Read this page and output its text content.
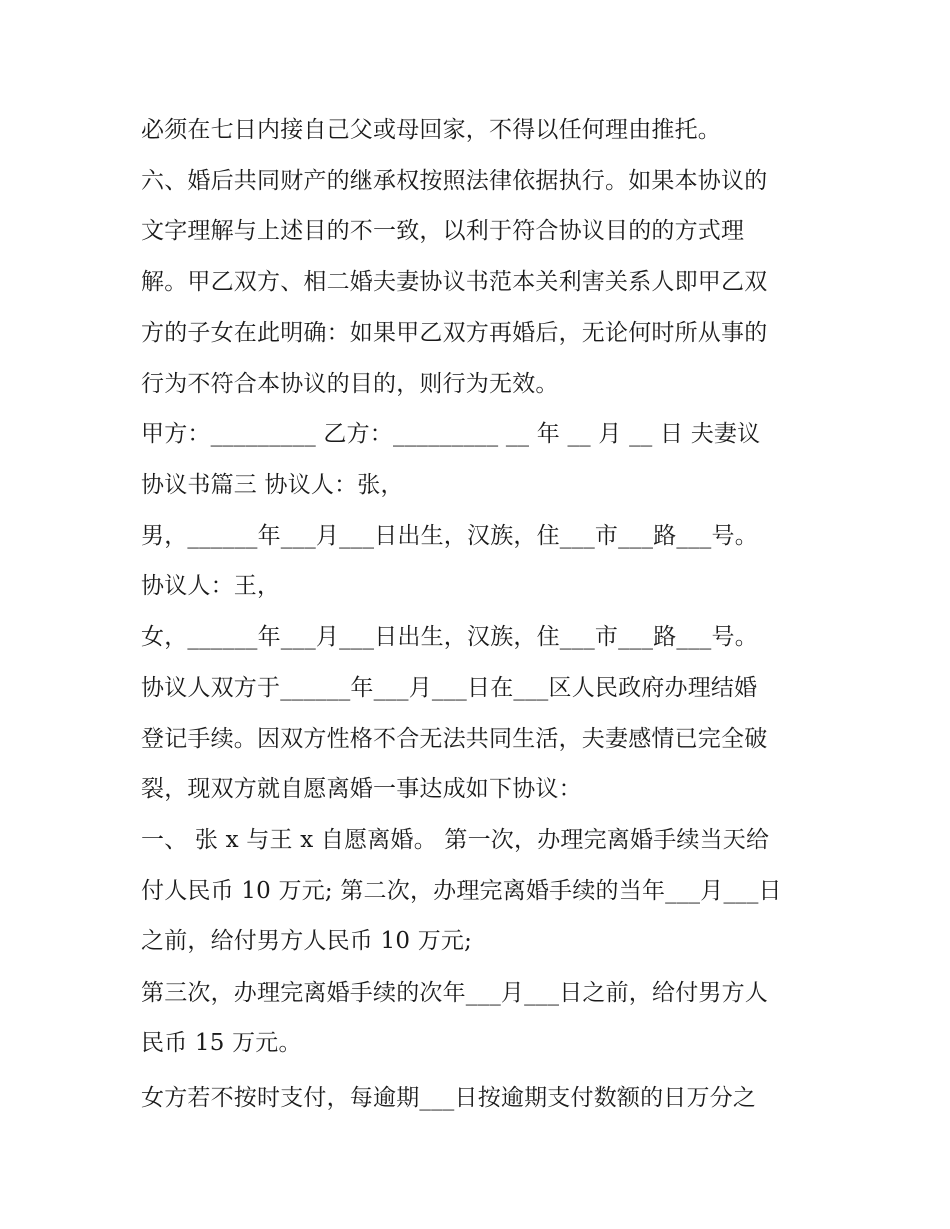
必须在七日内接自己父或母回家，不得以任何理由推托。
六、婚后共同财产的继承权按照法律依据执行。如果本协议的
文字理解与上述目的不一致，以利于符合协议目的的方式理
解。甲乙双方、相二婚夫妻协议书范本关利害关系人即甲乙双
方的子女在此明确：如果甲乙双方再婚后，无论何时所从事的
行为不符合本协议的目的，则行为无效。
甲方：_________ 乙方：_________ __ 年 __ 月 __ 日 夫妻议
协议书篇三 协议人：张，
男，______年___月___日出生，汉族，住___市___路___号。
协议人：王，
女，______年___月___日出生，汉族，住___市___路___号。
协议人双方于______年___月___日在___区人民政府办理结婚
登记手续。因双方性格不合无法共同生活，夫妻感情已完全破
裂，现双方就自愿离婚一事达成如下协议：
一、 张 x 与王 x 自愿离婚。 第一次，办理完离婚手续当天给
付人民币 10 万元; 第二次，办理完离婚手续的当年___月___日
之前，给付男方人民币 10 万元;
第三次，办理完离婚手续的次年___月___日之前，给付男方人
民币 15 万元。
女方若不按时支付，每逾期___日按逾期支付数额的日万分之
